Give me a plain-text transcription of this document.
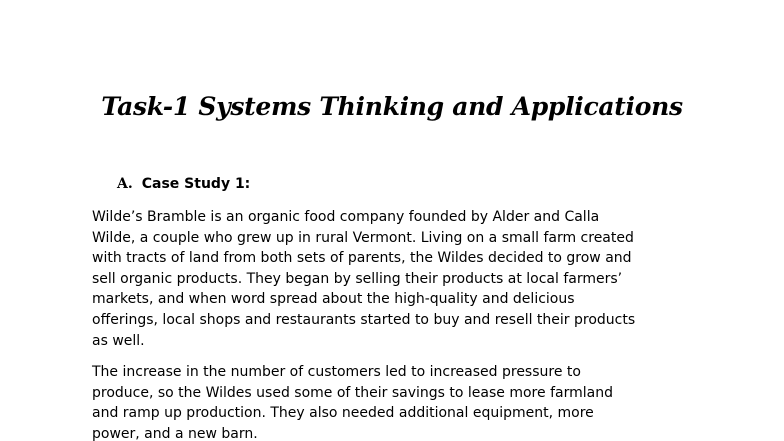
Task-1 Systems Thinking and Applications
A. Case Study 1:

Wilde’s Bramble is an organic food company founded by Alder and Calla
Wilde, a couple who grew up in rural Vermont. Living on a small farm created
with tracts of land from both sets of parents, the Wildes decided to grow and
sell organic products. They began by selling their products at local farmers’
markets, and when word spread about the high-quality and delicious
offerings, local shops and restaurants started to buy and resell their products
as well.

The increase in the number of customers led to increased pressure to
produce, so the Wildes used some of their savings to lease more farmland
and ramp up production. They also needed additional equipment, more
power, and a new barn.
